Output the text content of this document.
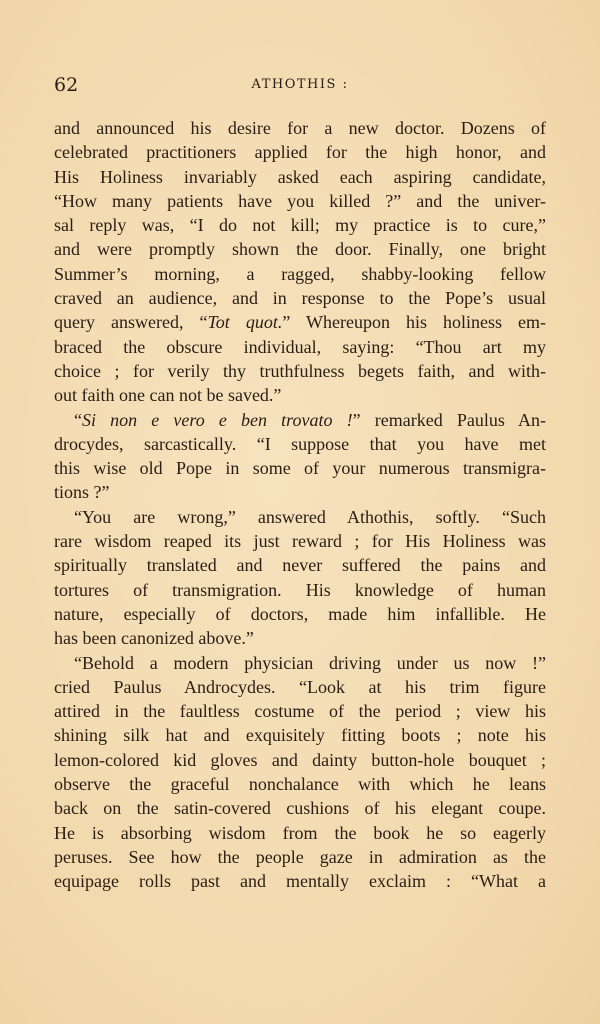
62	ATHOTHIS :
and announced his desire for a new doctor. Dozens of
celebrated practitioners applied for the high honor, and
His Holiness invariably asked each aspiring candidate,
“How many patients have you killed ?” and the univer-
sal reply was, “I do not kill; my practice is to cure,”
and were promptly shown the door. Finally, one bright
Summer’s morning, a ragged, shabby-looking fellow
craved an audience, and in response to the Pope’s usual
query answered, “Tot quot.” Whereupon his holiness em-
braced the obscure individual, saying: “Thou art my
choice ; for verily thy truthfulness begets faith, and with-
out faith one can not be saved.”
“Si non e vero e ben trovato !” remarked Paulus An-
drocydes, sarcastically. “I suppose that you have met
this wise old Pope in some of your numerous transmigra-
tions ?”
“You are wrong,” answered Athothis, softly. “Such
rare wisdom reaped its just reward ; for His Holiness was
spiritually translated and never suffered the pains and
tortures of transmigration. His knowledge of human
nature, especially of doctors, made him infallible. He
has been canonized above.”
“Behold a modern physician driving under us now !”
cried Paulus Androcydes. “Look at his trim figure
attired in the faultless costume of the period ; view his
shining silk hat and exquisitely fitting boots ; note his
lemon-colored kid gloves and dainty button-hole bouquet ;
observe the graceful nonchalance with which he leans
back on the satin-covered cushions of his elegant coupe.
He is absorbing wisdom from the book he so eagerly
peruses. See how the people gaze in admiration as the
equipage rolls past and mentally exclaim : “What a
